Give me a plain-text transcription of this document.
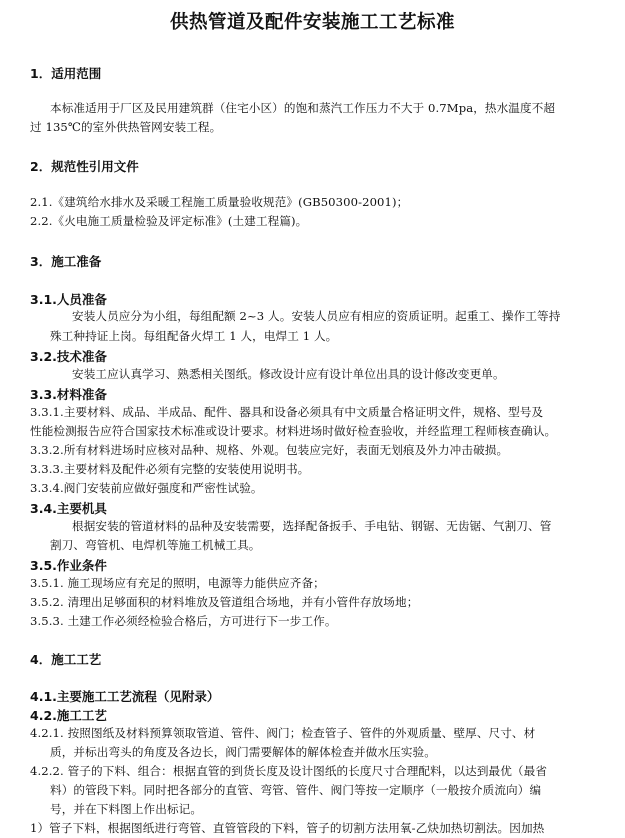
供热管道及配件安装施工工艺标准
1．适用范围
本标准适用于厂区及民用建筑群（住宅小区）的饱和蒸汽工作压力不大于 0.7Mpa，热水温度不超
过 135℃的室外供热管网安装工程。
2．规范性引用文件
2.1.《建筑给水排水及采暖工程施工质量验收规范》(GB50300-2001)；
2.2.《火电施工质量检验及评定标准》(土建工程篇)。
3．施工准备
3.1.人员准备
安装人员应分为小组，每组配额 2~3 人。安装人员应有相应的资质证明。起重工、操作工等持
殊工种持证上岗。每组配备火焊工 1 人，电焊工 1 人。
3.2.技术准备
安装工应认真学习、熟悉相关图纸。修改设计应有设计单位出具的设计修改变更单。
3.3.材料准备
3.3.1.主要材料、成品、半成品、配件、器具和设备必须具有中文质量合格证明文件，规格、型号及
性能检测报告应符合国家技术标准或设计要求。材料进场时做好检查验收，并经监理工程师核查确认。
3.3.2.所有材料进场时应核对品种、规格、外观。包装应完好，表面无划痕及外力冲击破损。
3.3.3.主要材料及配件必须有完整的安装使用说明书。
3.3.4.阀门安装前应做好强度和严密性试验。
3.4.主要机具
根据安装的管道材料的品种及安装需要，选择配备扳手、手电钻、钢锯、无齿锯、气割刀、管
割刀、弯管机、电焊机等施工机械工具。
3.5.作业条件
3.5.1. 施工现场应有充足的照明，电源等力能供应齐备；
3.5.2. 清理出足够面积的材料堆放及管道组合场地，并有小管件存放场地；
3.5.3. 土建工作必须经检验合格后，方可进行下一步工作。
4．施工工艺
4.1.主要施工工艺流程（见附录）
4.2.施工工艺
4.2.1. 按照图纸及材料预算领取管道、管件、阀门；检查管子、管件的外观质量、壁厚、尺寸、材
质，并标出弯头的角度及各边长，阀门需要解体的解体检查并做水压实验。
4.2.2. 管子的下料、组合：根据直管的到货长度及设计图纸的长度尺寸合理配料，以达到最优（最省
料）的管段下料。同时把各部分的直管、弯管、管件、阀门等按一定顺序（一般按介质流向）编
号，并在下料图上作出标记。
1）管子下料，根据图纸进行弯管、直管管段的下料，管子的切割方法用氧-乙炔加热切割法。因加热
